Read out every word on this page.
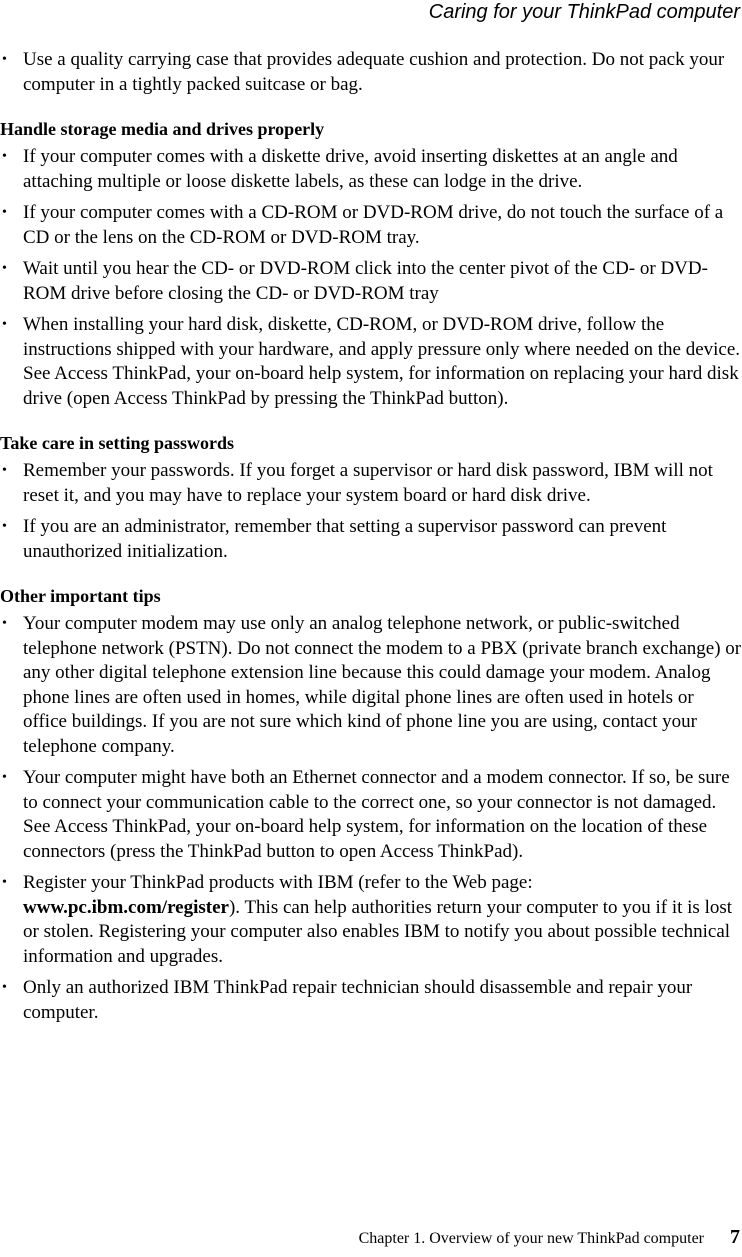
Caring for your ThinkPad computer
• Use a quality carrying case that provides adequate cushion and protection. Do not pack your computer in a tightly packed suitcase or bag.
Handle storage media and drives properly
• If your computer comes with a diskette drive, avoid inserting diskettes at an angle and attaching multiple or loose diskette labels, as these can lodge in the drive.
• If your computer comes with a CD-ROM or DVD-ROM drive, do not touch the surface of a CD or the lens on the CD-ROM or DVD-ROM tray.
• Wait until you hear the CD- or DVD-ROM click into the center pivot of the CD- or DVD-ROM drive before closing the CD- or DVD-ROM tray
• When installing your hard disk, diskette, CD-ROM, or DVD-ROM drive, follow the instructions shipped with your hardware, and apply pressure only where needed on the device. See Access ThinkPad, your on-board help system, for information on replacing your hard disk drive (open Access ThinkPad by pressing the ThinkPad button).
Take care in setting passwords
• Remember your passwords. If you forget a supervisor or hard disk password, IBM will not reset it, and you may have to replace your system board or hard disk drive.
• If you are an administrator, remember that setting a supervisor password can prevent unauthorized initialization.
Other important tips
• Your computer modem may use only an analog telephone network, or public-switched telephone network (PSTN). Do not connect the modem to a PBX (private branch exchange) or any other digital telephone extension line because this could damage your modem. Analog phone lines are often used in homes, while digital phone lines are often used in hotels or office buildings. If you are not sure which kind of phone line you are using, contact your telephone company.
• Your computer might have both an Ethernet connector and a modem connector. If so, be sure to connect your communication cable to the correct one, so your connector is not damaged. See Access ThinkPad, your on-board help system, for information on the location of these connectors (press the ThinkPad button to open Access ThinkPad).
• Register your ThinkPad products with IBM (refer to the Web page: www.pc.ibm.com/register). This can help authorities return your computer to you if it is lost or stolen. Registering your computer also enables IBM to notify you about possible technical information and upgrades.
• Only an authorized IBM ThinkPad repair technician should disassemble and repair your computer.
Chapter 1. Overview of your new ThinkPad computer 7
